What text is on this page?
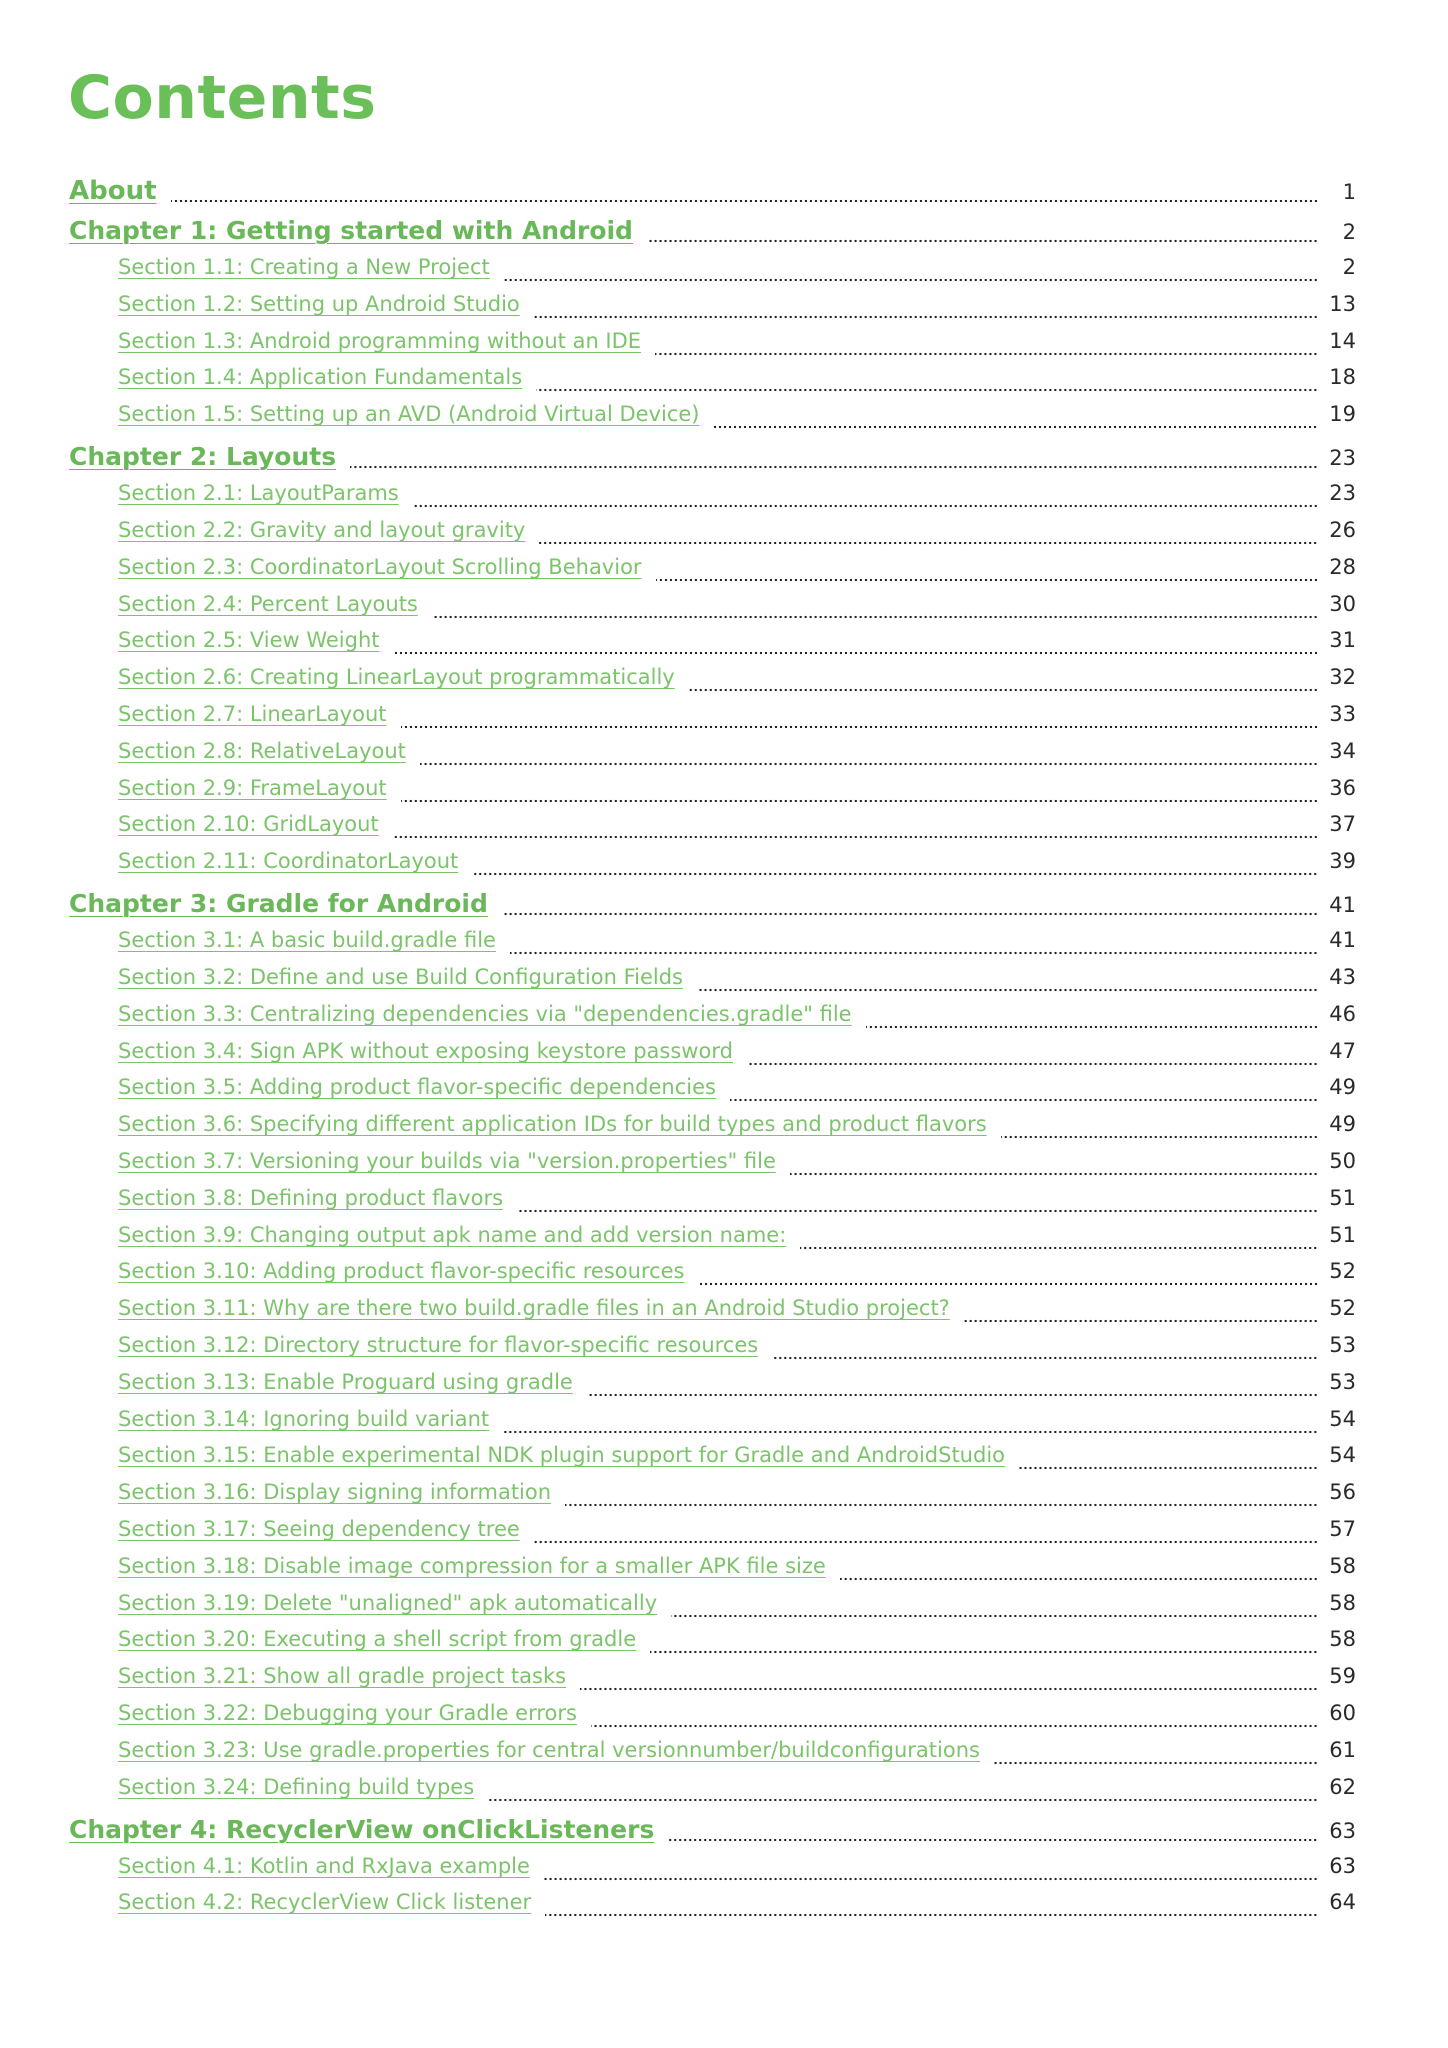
Contents
About	1
Chapter 1: Getting started with Android	2
Section 1.1: Creating a New Project	2
Section 1.2: Setting up Android Studio	13
Section 1.3: Android programming without an IDE	14
Section 1.4: Application Fundamentals	18
Section 1.5: Setting up an AVD (Android Virtual Device)	19
Chapter 2: Layouts	23
Section 2.1: LayoutParams	23
Section 2.2: Gravity and layout gravity	26
Section 2.3: CoordinatorLayout Scrolling Behavior	28
Section 2.4: Percent Layouts	30
Section 2.5: View Weight	31
Section 2.6: Creating LinearLayout programmatically	32
Section 2.7: LinearLayout	33
Section 2.8: RelativeLayout	34
Section 2.9: FrameLayout	36
Section 2.10: GridLayout	37
Section 2.11: CoordinatorLayout	39
Chapter 3: Gradle for Android	41
Section 3.1: A basic build.gradle file	41
Section 3.2: Define and use Build Configuration Fields	43
Section 3.3: Centralizing dependencies via "dependencies.gradle" file	46
Section 3.4: Sign APK without exposing keystore password	47
Section 3.5: Adding product flavor-specific dependencies	49
Section 3.6: Specifying different application IDs for build types and product flavors	49
Section 3.7: Versioning your builds via "version.properties" file	50
Section 3.8: Defining product flavors	51
Section 3.9: Changing output apk name and add version name:	51
Section 3.10: Adding product flavor-specific resources	52
Section 3.11: Why are there two build.gradle files in an Android Studio project?	52
Section 3.12: Directory structure for flavor-specific resources	53
Section 3.13: Enable Proguard using gradle	53
Section 3.14: Ignoring build variant	54
Section 3.15: Enable experimental NDK plugin support for Gradle and AndroidStudio	54
Section 3.16: Display signing information	56
Section 3.17: Seeing dependency tree	57
Section 3.18: Disable image compression for a smaller APK file size	58
Section 3.19: Delete "unaligned" apk automatically	58
Section 3.20: Executing a shell script from gradle	58
Section 3.21: Show all gradle project tasks	59
Section 3.22: Debugging your Gradle errors	60
Section 3.23: Use gradle.properties for central versionnumber/buildconfigurations	61
Section 3.24: Defining build types	62
Chapter 4: RecyclerView onClickListeners	63
Section 4.1: Kotlin and RxJava example	63
Section 4.2: RecyclerView Click listener	64
